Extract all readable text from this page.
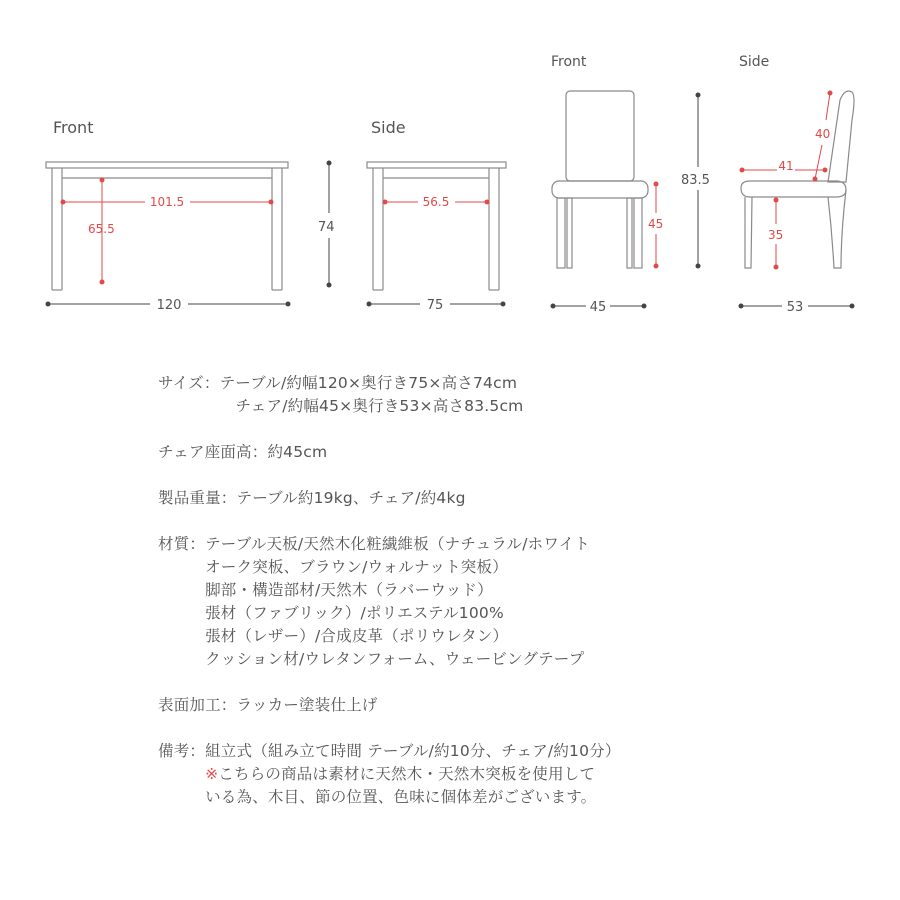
Front
101.5
65.5
120
74
Side
56.5
75
Front
45
83.5
45
Side
41
40
35
53
サイズ： テーブル/約幅120×奥行き75×高さ74cm
チェア/約幅45×奥行き53×高さ83.5cm
チェア座面高： 約45cm
製品重量： テーブル約19kg、チェア/約4kg
材質： テーブル天板/天然木化粧繊維板（ナチュラル/ホワイト
オーク突板、ブラウン/ウォルナット突板）
脚部・構造部材/天然木（ラバーウッド）
張材（ファブリック）/ポリエステル100%
張材（レザー）/合成皮革（ポリウレタン）
クッション材/ウレタンフォーム、ウェービングテープ
表面加工： ラッカー塗装仕上げ
備考： 組立式（組み立て時間 テーブル/約10分、チェア/約10分）
※こちらの商品は素材に天然木・天然木突板を使用して
いる為、木目、節の位置、色味に個体差がございます。
